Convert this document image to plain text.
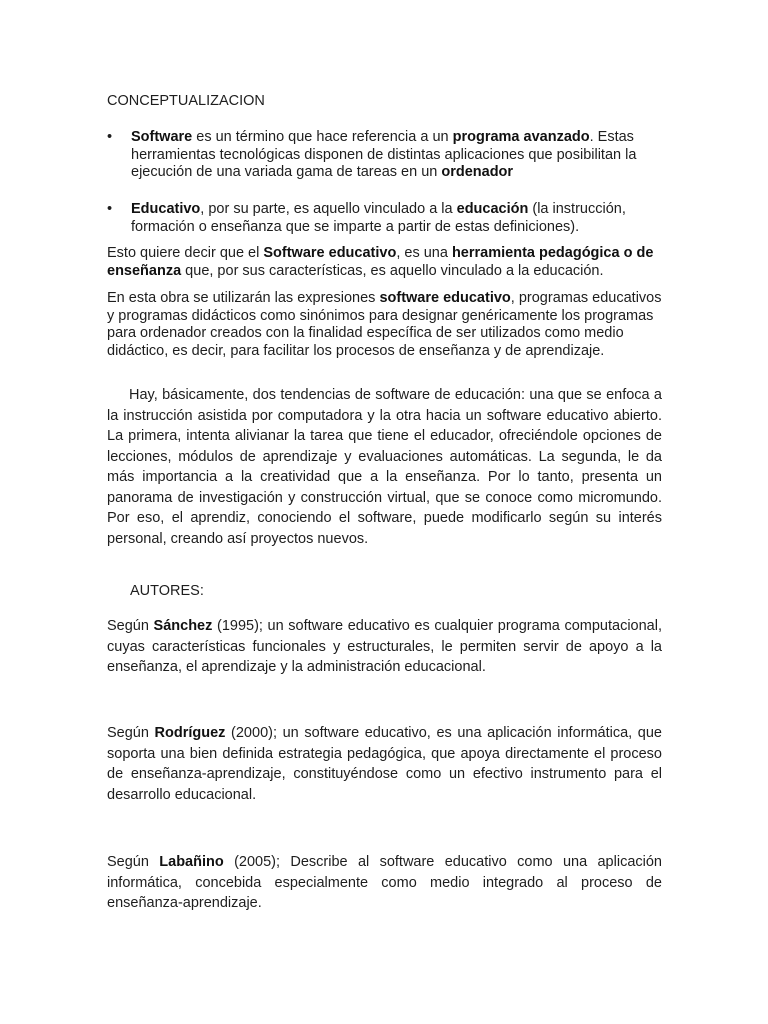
CONCEPTUALIZACION
•	Software es un término que hace referencia a un programa avanzado. Estas herramientas tecnológicas disponen de distintas aplicaciones que posibilitan la ejecución de una variada gama de tareas en un ordenador
•	Educativo, por su parte, es aquello vinculado a la educación (la instrucción, formación o enseñanza que se imparte a partir de estas definiciones).

Esto quiere decir que el Software educativo, es una herramienta pedagógica o de enseñanza que, por sus características, es aquello vinculado a la educación.

En esta obra se utilizarán las expresiones software educativo, programas educativos y programas didácticos como sinónimos para designar genéricamente los programas para ordenador creados con la finalidad específica de ser utilizados como medio didáctico, es decir, para facilitar los procesos de enseñanza y de aprendizaje.

Hay, básicamente, dos tendencias de software de educación: una que se enfoca a la instrucción asistida por computadora y la otra hacia un software educativo abierto. La primera, intenta alivianar la tarea que tiene el educador, ofreciéndole opciones de lecciones, módulos de aprendizaje y evaluaciones automáticas. La segunda, le da más importancia a la creatividad que a la enseñanza. Por lo tanto, presenta un panorama de investigación y construcción virtual, que se conoce como micromundo. Por eso, el aprendiz, conociendo el software, puede modificarlo según su interés personal, creando así proyectos nuevos.

AUTORES:

Según Sánchez (1995); un software educativo es cualquier programa computacional, cuyas características funcionales y estructurales, le permiten servir de apoyo a la enseñanza, el aprendizaje y la administración educacional.

Según Rodríguez (2000); un software educativo, es una aplicación informática, que soporta una bien definida estrategia pedagógica, que apoya directamente el proceso de enseñanza-aprendizaje, constituyéndose como un efectivo instrumento para el desarrollo educacional.

Según Labañino (2005); Describe al software educativo como una aplicación informática, concebida especialmente como medio integrado al proceso de enseñanza-aprendizaje.
